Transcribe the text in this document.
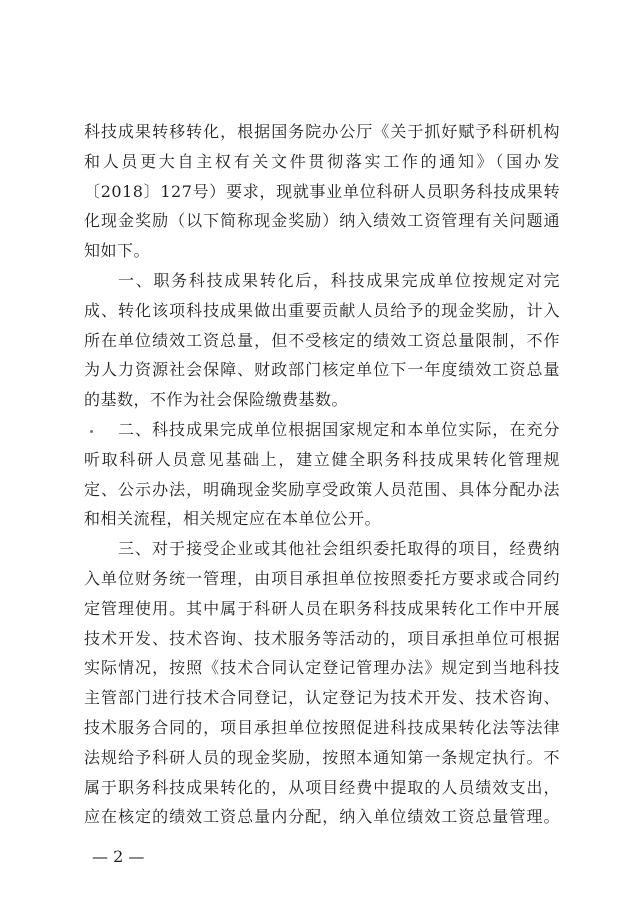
科技成果转移转化，根据国务院办公厅《关于抓好赋予科研机构
和人员更大自主权有关文件贯彻落实工作的通知》（国办发
〔2018〕127号）要求，现就事业单位科研人员职务科技成果转
化现金奖励（以下简称现金奖励）纳入绩效工资管理有关问题通
知如下。
一、职务科技成果转化后，科技成果完成单位按规定对完
成、转化该项科技成果做出重要贡献人员给予的现金奖励，计入
所在单位绩效工资总量，但不受核定的绩效工资总量限制，不作
为人力资源社会保障、财政部门核定单位下一年度绩效工资总量
的基数，不作为社会保险缴费基数。
二、科技成果完成单位根据国家规定和本单位实际，在充分
听取科研人员意见基础上，建立健全职务科技成果转化管理规
定、公示办法，明确现金奖励享受政策人员范围、具体分配办法
和相关流程，相关规定应在本单位公开。
三、对于接受企业或其他社会组织委托取得的项目，经费纳
入单位财务统一管理，由项目承担单位按照委托方要求或合同约
定管理使用。其中属于科研人员在职务科技成果转化工作中开展
技术开发、技术咨询、技术服务等活动的，项目承担单位可根据
实际情况，按照《技术合同认定登记管理办法》规定到当地科技
主管部门进行技术合同登记，认定登记为技术开发、技术咨询、
技术服务合同的，项目承担单位按照促进科技成果转化法等法律
法规给予科研人员的现金奖励，按照本通知第一条规定执行。不
属于职务科技成果转化的，从项目经费中提取的人员绩效支出，
应在核定的绩效工资总量内分配，纳入单位绩效工资总量管理。
— 2 —
